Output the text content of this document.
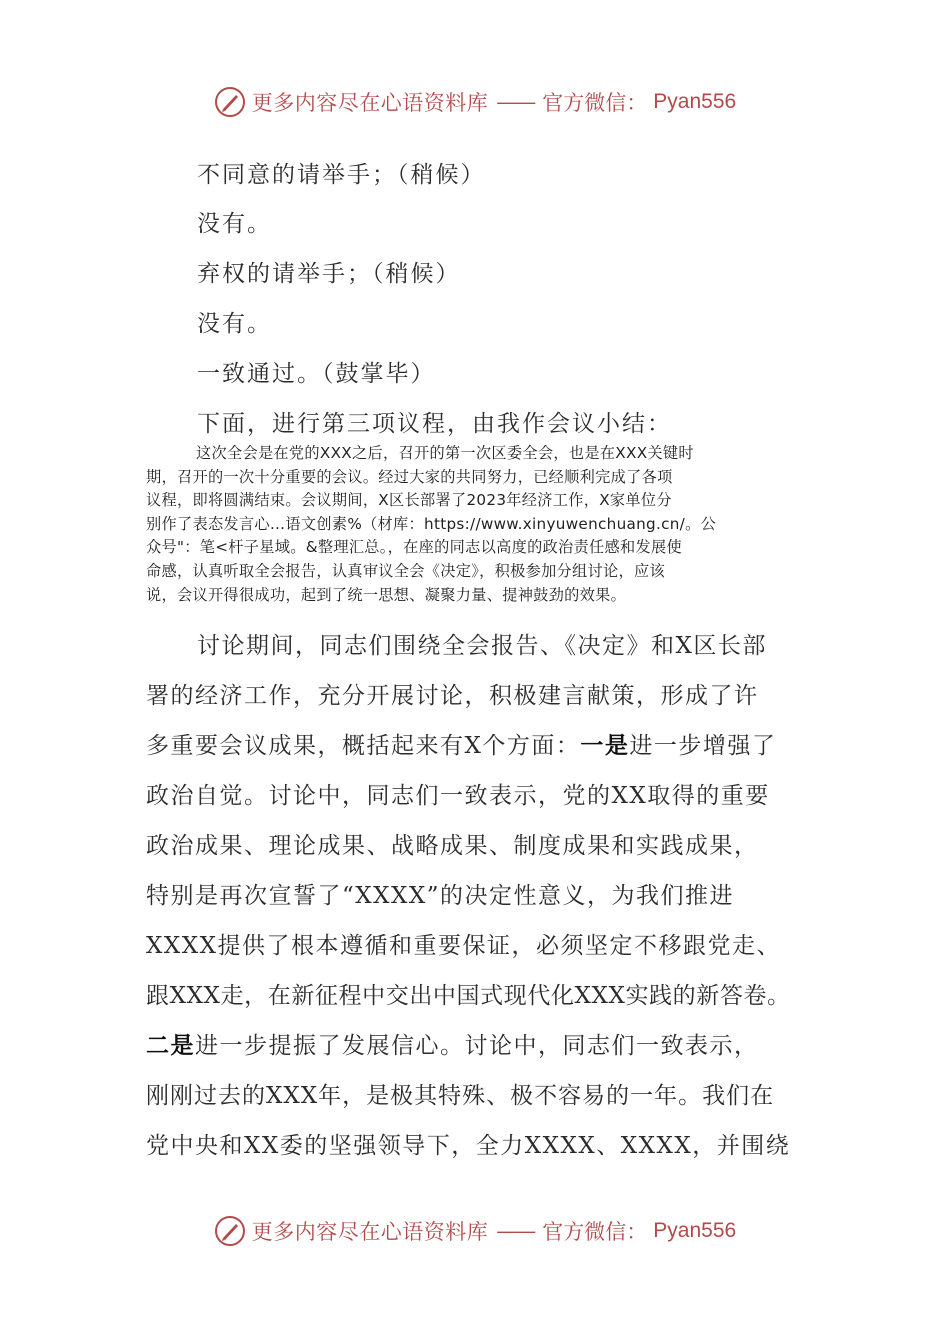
更多内容尽在心语资料库 —— 官方微信： Pyan556
不同意的请举手；（稍候）
没有。
弃权的请举手；（稍候）
没有。
一致通过。（鼓掌毕）
下面，进行第三项议程，由我作会议小结：

这次全会是在党的XXX之后，召开的第一次区委全会，也是在XXX关键时

期，召开的一次十分重要的会议。经过大家的共同努力，已经顺利完成了各项

议程，即将圆满结束。会议期间，X区长部署了2023年经济工作，X家单位分

别作了表态发言心…语文创素%（材库：https://www.xinyuwenchuang.cn/。公

众号"：笔<杆子星域。&整理汇总。，在座的同志以高度的政治责任感和发展使

命感，认真听取全会报告，认真审议全会《决定》，积极参加分组讨论，应该

说，会议开得很成功，起到了统一思想、凝聚力量、提神鼓劲的效果。

讨论期间，同志们围绕全会报告、《决定》和X区长部
署的经济工作，充分开展讨论，积极建言献策，形成了许
多重要会议成果，概括起来有X个方面：一是进一步增强了
政治自觉。讨论中，同志们一致表示，党的XX取得的重要
政治成果、理论成果、战略成果、制度成果和实践成果，
特别是再次宣誓了“XXXX”的决定性意义，为我们推进
XXXX提供了根本遵循和重要保证，必须坚定不移跟党走、
跟XXX走，在新征程中交出中国式现代化XXX实践的新答卷。
二是进一步提振了发展信心。讨论中，同志们一致表示，
刚刚过去的XXX年，是极其特殊、极不容易的一年。我们在
党中央和XX委的坚强领导下，全力XXXX、XXXX，并围绕
更多内容尽在心语资料库 —— 官方微信： Pyan556
